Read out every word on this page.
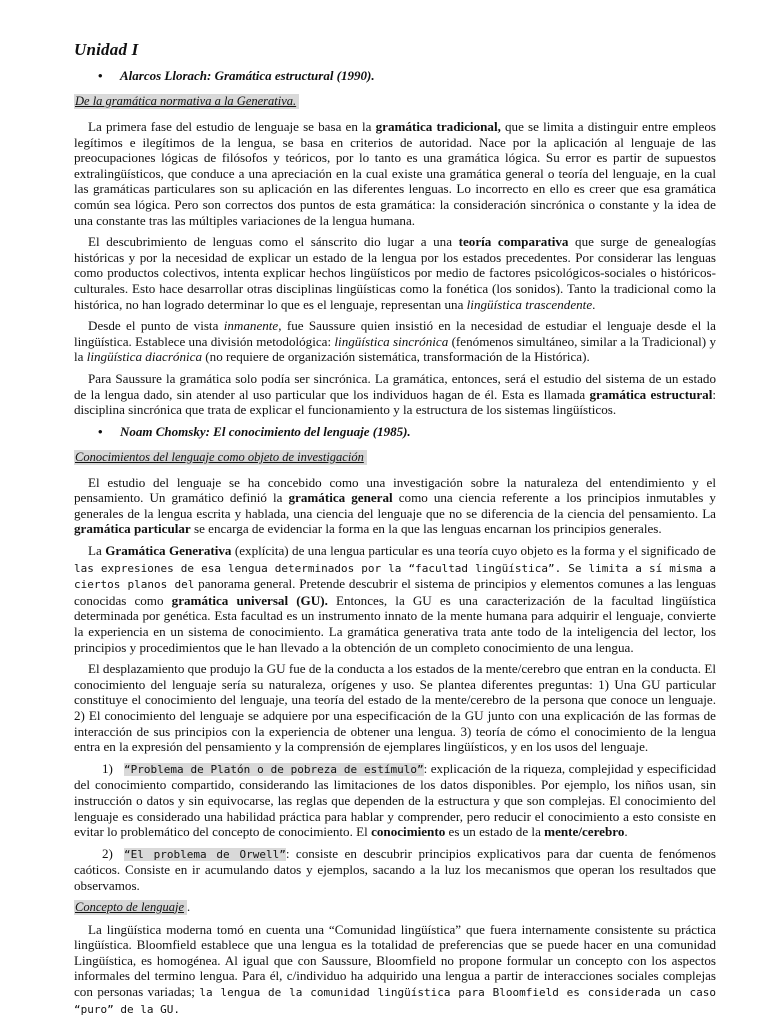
Unidad I
•	Alarcos Llorach: Gramática estructural (1990).
De la gramática normativa a la Generativa.

La primera fase del estudio de lenguaje se basa en la gramática tradicional, que se limita a distinguir entre empleos legítimos e ilegítimos de la lengua, se basa en criterios de autoridad. Nace por la aplicación al lenguaje de las preocupaciones lógicas de filósofos y teóricos, por lo tanto es una gramática lógica. Su error es partir de supuestos extralingüísticos, que conduce a una apreciación en la cual existe una gramática general o teoría del lenguaje, en la cual las gramáticas particulares son su aplicación en las diferentes lenguas. Lo incorrecto en ello es creer que esa gramática común sea lógica. Pero son correctos dos puntos de esta gramática: la consideración sincrónica o constante y la idea de una constante tras las múltiples variaciones de la lengua humana.

El descubrimiento de lenguas como el sánscrito dio lugar a una teoría comparativa que surge de genealogías históricas y por la necesidad de explicar un estado de la lengua por los estados precedentes. Por considerar las lenguas como productos colectivos, intenta explicar hechos lingüísticos por medio de factores psicológicos-sociales o históricos-culturales. Esto hace desarrollar otras disciplinas lingüísticas como la fonética (los sonidos). Tanto la tradicional como la histórica, no han logrado determinar lo que es el lenguaje, representan una lingüística trascendente.

Desde el punto de vista inmanente, fue Saussure quien insistió en la necesidad de estudiar el lenguaje desde el la lingüística. Establece una división metodológica: lingüística sincrónica (fenómenos simultáneo, similar a la Tradicional) y la lingüística diacrónica (no requiere de organización sistemática, transformación de la Histórica).

Para Saussure la gramática solo podía ser sincrónica. La gramática, entonces, será el estudio del sistema de un estado de la lengua dado, sin atender al uso particular que los individuos hagan de él. Esta es llamada gramática estructural: disciplina sincrónica que trata de explicar el funcionamiento y la estructura de los sistemas lingüísticos.

•	Noam Chomsky: El conocimiento del lenguaje (1985).
Conocimientos del lenguaje como objeto de investigación

El estudio del lenguaje se ha concebido como una investigación sobre la naturaleza del entendimiento y el pensamiento. Un gramático definió la gramática general como una ciencia referente a los principios inmutables y generales de la lengua escrita y hablada, una ciencia del lenguaje que no se diferencia de la ciencia del pensamiento. La gramática particular se encarga de evidenciar la forma en la que las lenguas encarnan los principios generales.

La Gramática Generativa (explícita) de una lengua particular es una teoría cuyo objeto es la forma y el significado de las expresiones de esa lengua determinados por la “facultad lingüística”. Se limita a sí misma a ciertos planos del panorama general. Pretende descubrir el sistema de principios y elementos comunes a las lenguas conocidas como gramática universal (GU). Entonces, la GU es una caracterización de la facultad lingüística determinada por genética. Esta facultad es un instrumento innato de la mente humana para adquirir el lenguaje, convierte la experiencia en un sistema de conocimiento. La gramática generativa trata ante todo de la inteligencia del lector, los principios y procedimientos que le han llevado a la obtención de un completo conocimiento de una lengua.

El desplazamiento que produjo la GU fue de la conducta a los estados de la mente/cerebro que entran en la conducta. El conocimiento del lenguaje sería su naturaleza, orígenes y uso. Se plantea diferentes preguntas: 1) Una GU particular constituye el conocimiento del lenguaje, una teoría del estado de la mente/cerebro de la persona que conoce un lenguaje. 2) El conocimiento del lenguaje se adquiere por una especificación de la GU junto con una explicación de las formas de interacción de sus principios con la experiencia de obtener una lengua. 3) teoría de cómo el conocimiento de la lengua entra en la expresión del pensamiento y la comprensión de ejemplares lingüísticos, y en los usos del lenguaje.

1) “Problema de Platón o de pobreza de estímulo”: explicación de la riqueza, complejidad y especificidad del conocimiento compartido, considerando las limitaciones de los datos disponibles. Por ejemplo, los niños usan, sin instrucción o datos y sin equivocarse, las reglas que dependen de la estructura y que son complejas. El conocimiento del lenguaje es considerado una habilidad práctica para hablar y comprender, pero reducir el conocimiento a esto consiste en evitar lo problemático del concepto de conocimiento. El conocimiento es un estado de la mente/cerebro.

2) “El problema de Orwell”: consiste en descubrir principios explicativos para dar cuenta de fenómenos caóticos. Consiste en ir acumulando datos y ejemplos, sacando a la luz los mecanismos que operan los resultados que observamos.

Concepto de lenguaje .

La lingüística moderna tomó en cuenta una “Comunidad lingüística” que fuera internamente consistente su práctica lingüística. Bloomfield establece que una lengua es la totalidad de preferencias que se puede hacer en una comunidad Lingüística, es homogénea. Al igual que con Saussure, Bloomfield no propone formular un concepto con los aspectos informales del termino lengua. Para él, c/individuo ha adquirido una lengua a partir de interacciones sociales complejas con personas variadas; la lengua de la comunidad lingüística para Bloomfield es considerada un caso “puro” de la GU.
